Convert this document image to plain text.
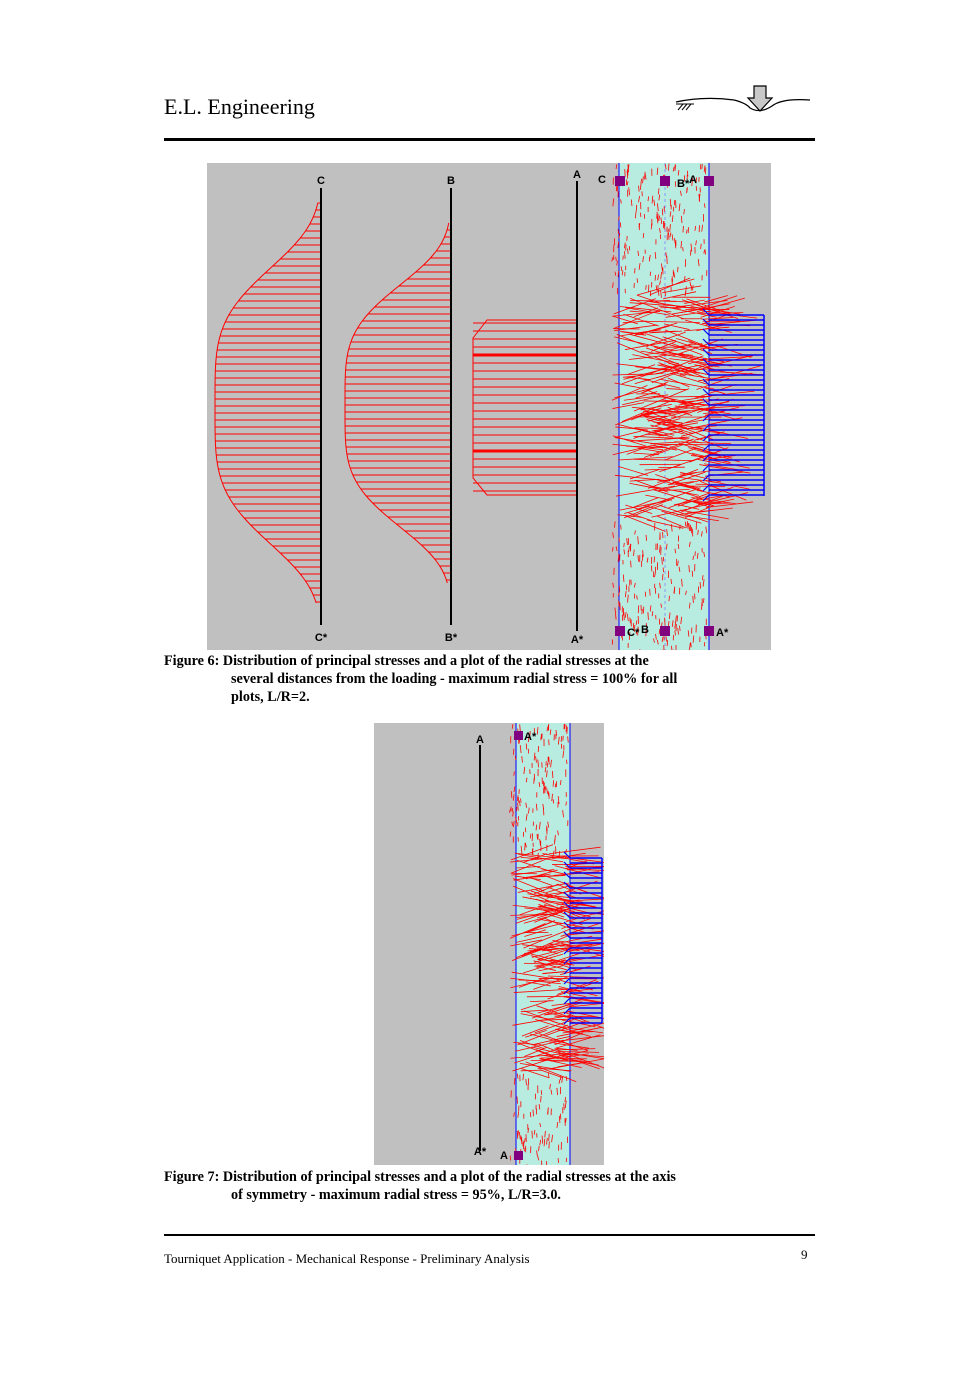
E.L. Engineering
C	B	A
C*	B*	A*
C	B* A
C* B	A*
Figure 6: Distribution of principal stresses and a plot of the radial stresses at the
several distances from the loading - maximum radial stress = 100% for all
plots, L/R=2.
A	A*
A* A
Figure 7: Distribution of principal stresses and a plot of the radial stresses at the axis
of symmetry - maximum radial stress = 95%, L/R=3.0.
Tourniquet Application - Mechanical Response - Preliminary Analysis	9
